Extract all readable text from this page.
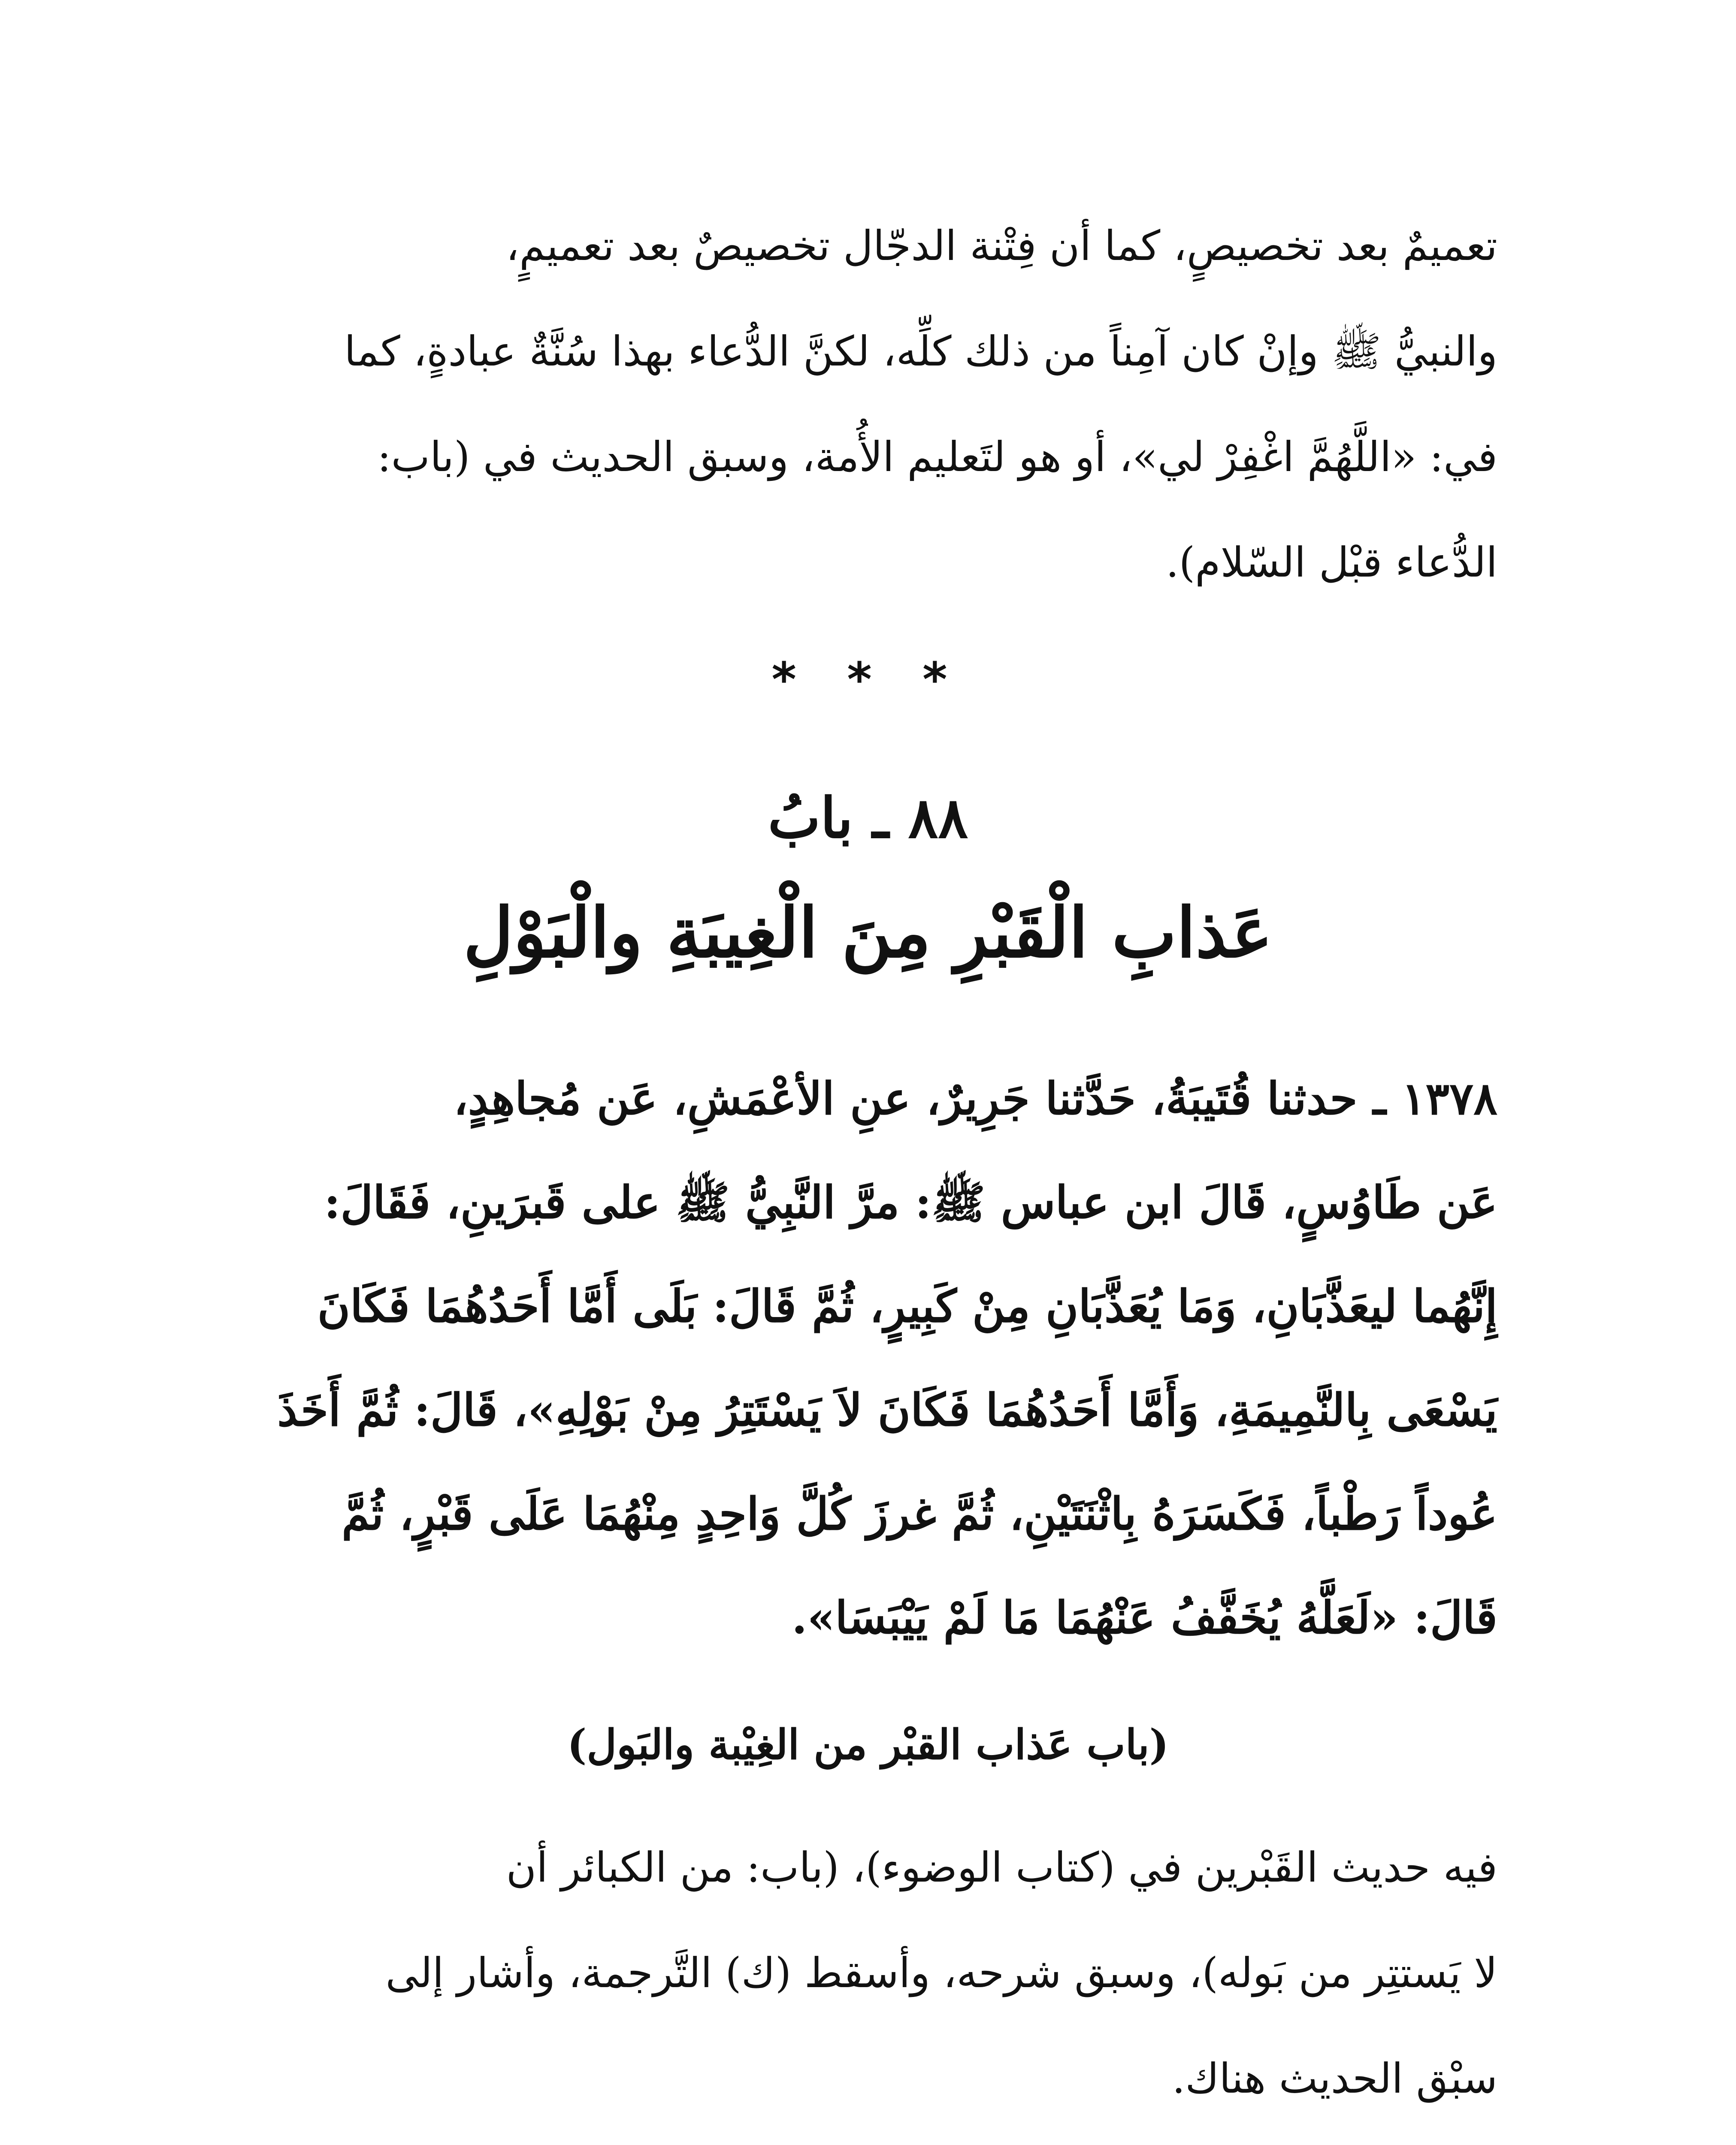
تعميمٌ بعد تخصيصٍ، كما أن فِتْنة الدجّال تخصيصٌ بعد تعميمٍ،
والنبيُّ ﷺ وإنْ كان آمِناً من ذلك كلِّه، لكنَّ الدُّعاء بهذا سُنَّةٌ عبادةٍ، كما
في: «اللَّهُمَّ اغْفِرْ لي»، أو هو لتَعليم الأُمة، وسبق الحديث في (باب:
الدُّعاء قبْل السّلام).

* * *
٨٨ ـ بابُ
عَذابِ الْقَبْرِ مِنَ الْغِيبَةِ والْبَوْلِ

١٣٧٨ ـ حدثنا قُتَيبَةُ، حَدَّثنا جَرِيرٌ، عنِ الأعْمَشِ، عَن مُجاهِدٍ،
عَن طَاوُسٍ، قَالَ ابن عباس ﷺ: مرَّ النَّبِيُّ ﷺ على قَبرَينِ، فَقَالَ:
إِنَّهُما ليعَذَّبَانِ، وَمَا يُعَذَّبَانِ مِنْ كَبِيرٍ، ثُمَّ قَالَ: بَلَى أَمَّا أَحَدُهُمَا فَكَانَ
يَسْعَى بِالنَّمِيمَةِ، وَأَمَّا أَحَدُهُمَا فَكَانَ لاَ يَسْتَتِرُ مِنْ بَوْلِهِ»، قَالَ: ثُمَّ أَخَذَ
عُوداً رَطْباً، فَكَسَرَهُ بِاثْنَتَيْنِ، ثُمَّ غرزَ كُلَّ وَاحِدٍ مِنْهُمَا عَلَى قَبْرٍ، ثُمَّ
قَالَ: «لَعَلَّهُ يُخَفَّفُ عَنْهُمَا مَا لَمْ يَيْبَسَا».

(باب عَذاب القبْر من الغِيْبة والبَول)

فيه حديث القَبْرين في (كتاب الوضوء)، (باب: من الكبائر أن
لا يَستتِر من بَوله)، وسبق شرحه، وأسقط (ك) التَّرجمة، وأشار إلى
سبْق الحديث هناك.
